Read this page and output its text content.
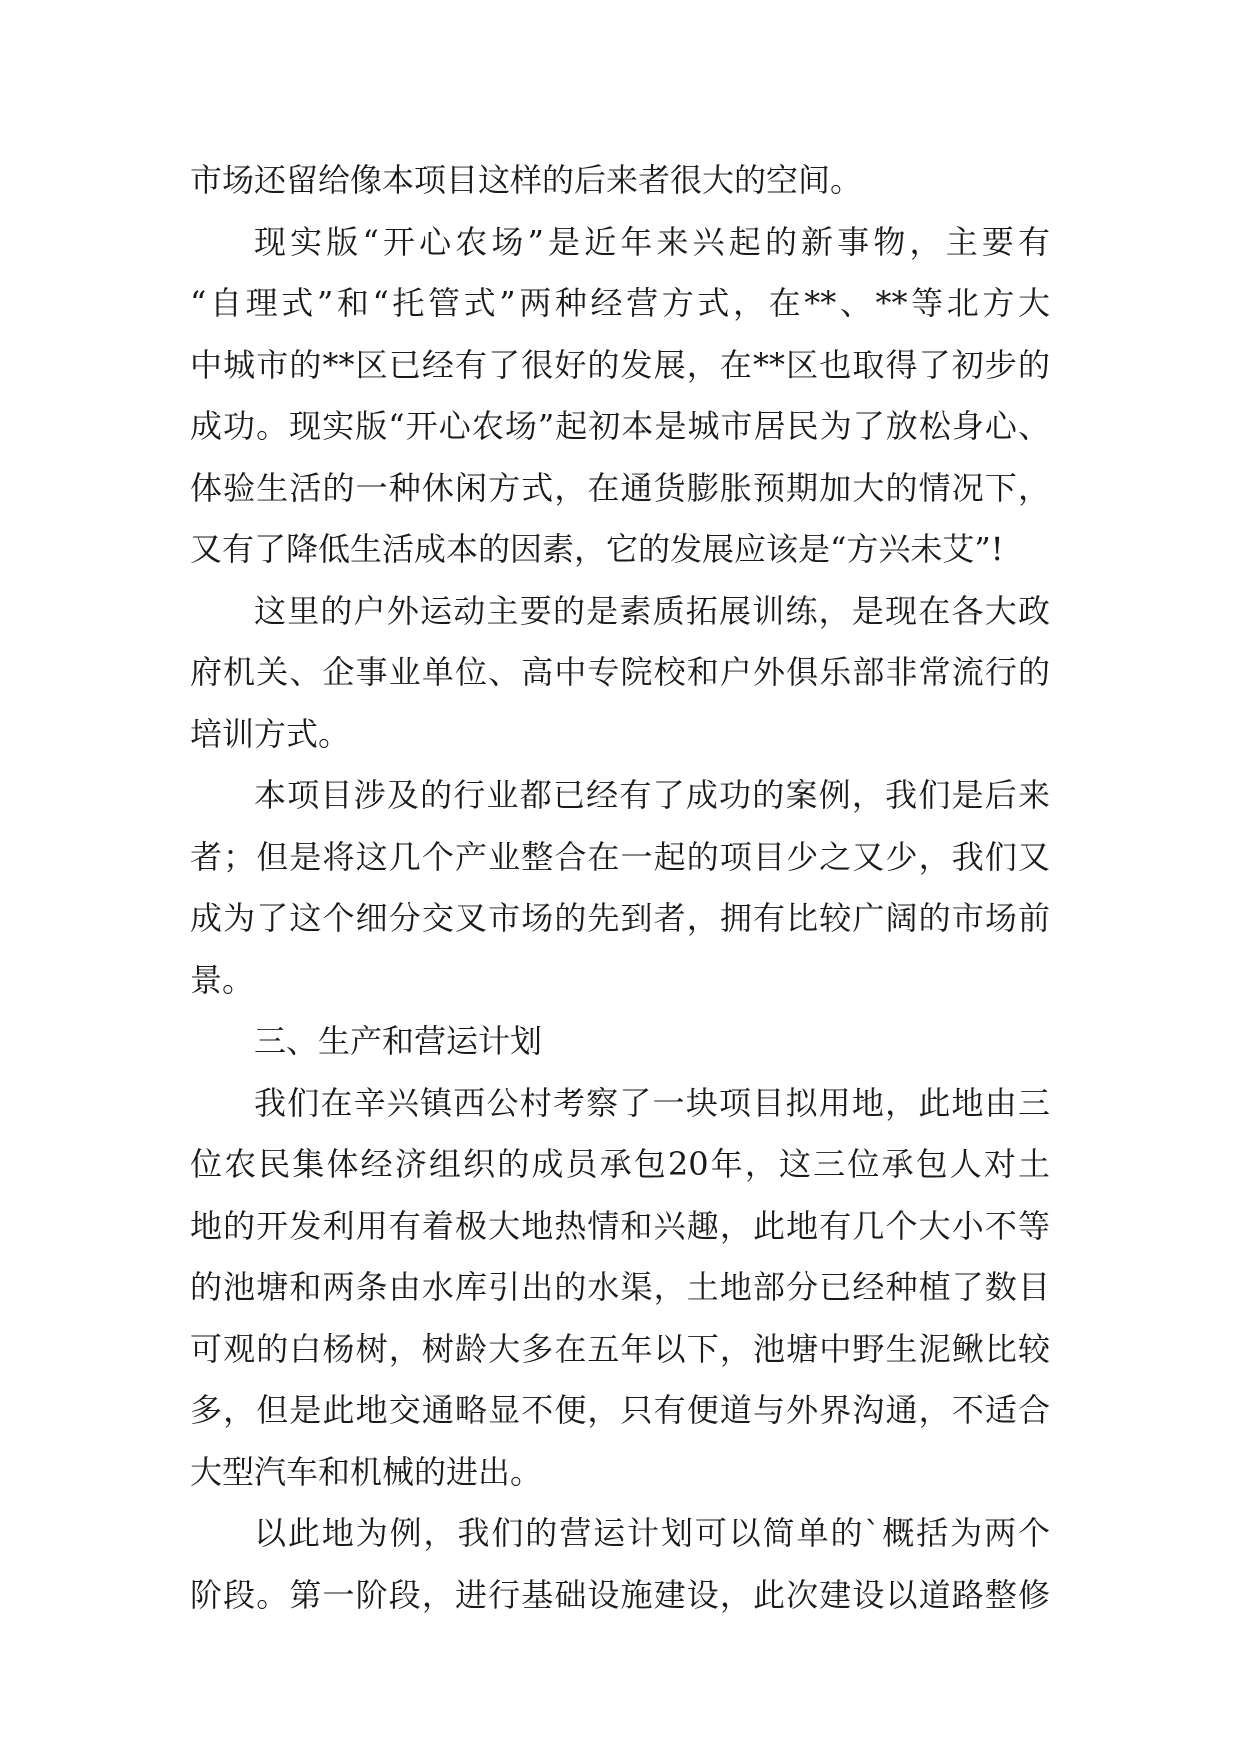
市场还留给像本项目这样的后来者很大的空间。
现实版“开心农场”是近年来兴起的新事物，主要有
“自理式”和“托管式”两种经营方式，在**、**等北方大
中城市的**区已经有了很好的发展，在**区也取得了初步的
成功。现实版“开心农场”起初本是城市居民为了放松身心、
体验生活的一种休闲方式，在通货膨胀预期加大的情况下，
又有了降低生活成本的因素，它的发展应该是“方兴未艾”!
这里的户外运动主要的是素质拓展训练，是现在各大政
府机关、企事业单位、高中专院校和户外俱乐部非常流行的
培训方式。
本项目涉及的行业都已经有了成功的案例，我们是后来
者；但是将这几个产业整合在一起的项目少之又少，我们又
成为了这个细分交叉市场的先到者，拥有比较广阔的市场前
景。
三、生产和营运计划
我们在辛兴镇西公村考察了一块项目拟用地，此地由三
位农民集体经济组织的成员承包20年，这三位承包人对土
地的开发利用有着极大地热情和兴趣，此地有几个大小不等
的池塘和两条由水库引出的水渠，土地部分已经种植了数目
可观的白杨树，树龄大多在五年以下，池塘中野生泥鳅比较
多，但是此地交通略显不便，只有便道与外界沟通，不适合
大型汽车和机械的进出。
以此地为例，我们的营运计划可以简单的`概括为两个
阶段。第一阶段，进行基础设施建设，此次建设以道路整修
